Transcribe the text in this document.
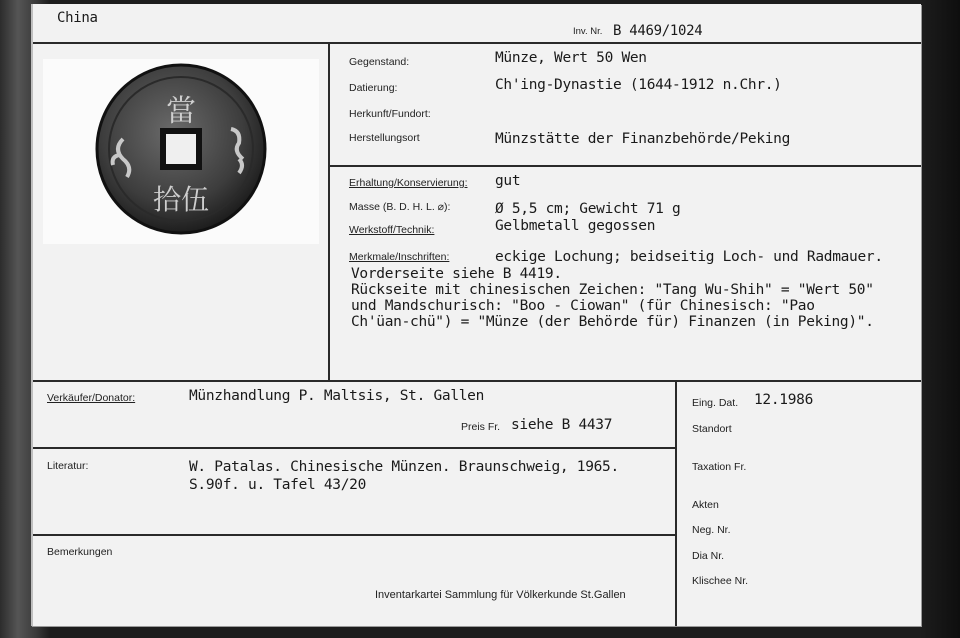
China
Inv. Nr. B 4469/1024
當
拾伍
Gegenstand:	Münze, Wert 50 Wen
Datierung:	Ch'ing-Dynastie (1644-1912 n.Chr.)
Herkunft/Fundort:
Herstellungsort	Münzstätte der Finanzbehörde/Peking
Erhaltung/Konservierung: gut
Masse (B. D. H. L. ⌀):	Ø 5,5 cm; Gewicht 71 g
Werkstoff/Technik:	Gelbmetall gegossen
Merkmale/Inschriften:	eckige Lochung; beidseitig Loch- und Radmauer.
Vorderseite siehe B 4419.
Rückseite mit chinesischen Zeichen: "Tang Wu-Shih" = "Wert 50"
und Mandschurisch: "Boo - Ciowan" (für Chinesisch: "Pao
Ch'üan-chü") = "Münze (der Behörde für) Finanzen (in Peking)".
Verkäufer/Donator:	Münzhandlung P. Maltsis, St. Gallen
Preis Fr. siehe B 4437
Literatur:	W. Patalas. Chinesische Münzen. Braunschweig, 1965.
S.90f. u. Tafel 43/20
Bemerkungen
Inventarkartei Sammlung für Völkerkunde St.Gallen
Eing. Dat. 12.1986
Standort
Taxation Fr.
Akten
Neg. Nr.
Dia Nr.
Klischee Nr.
